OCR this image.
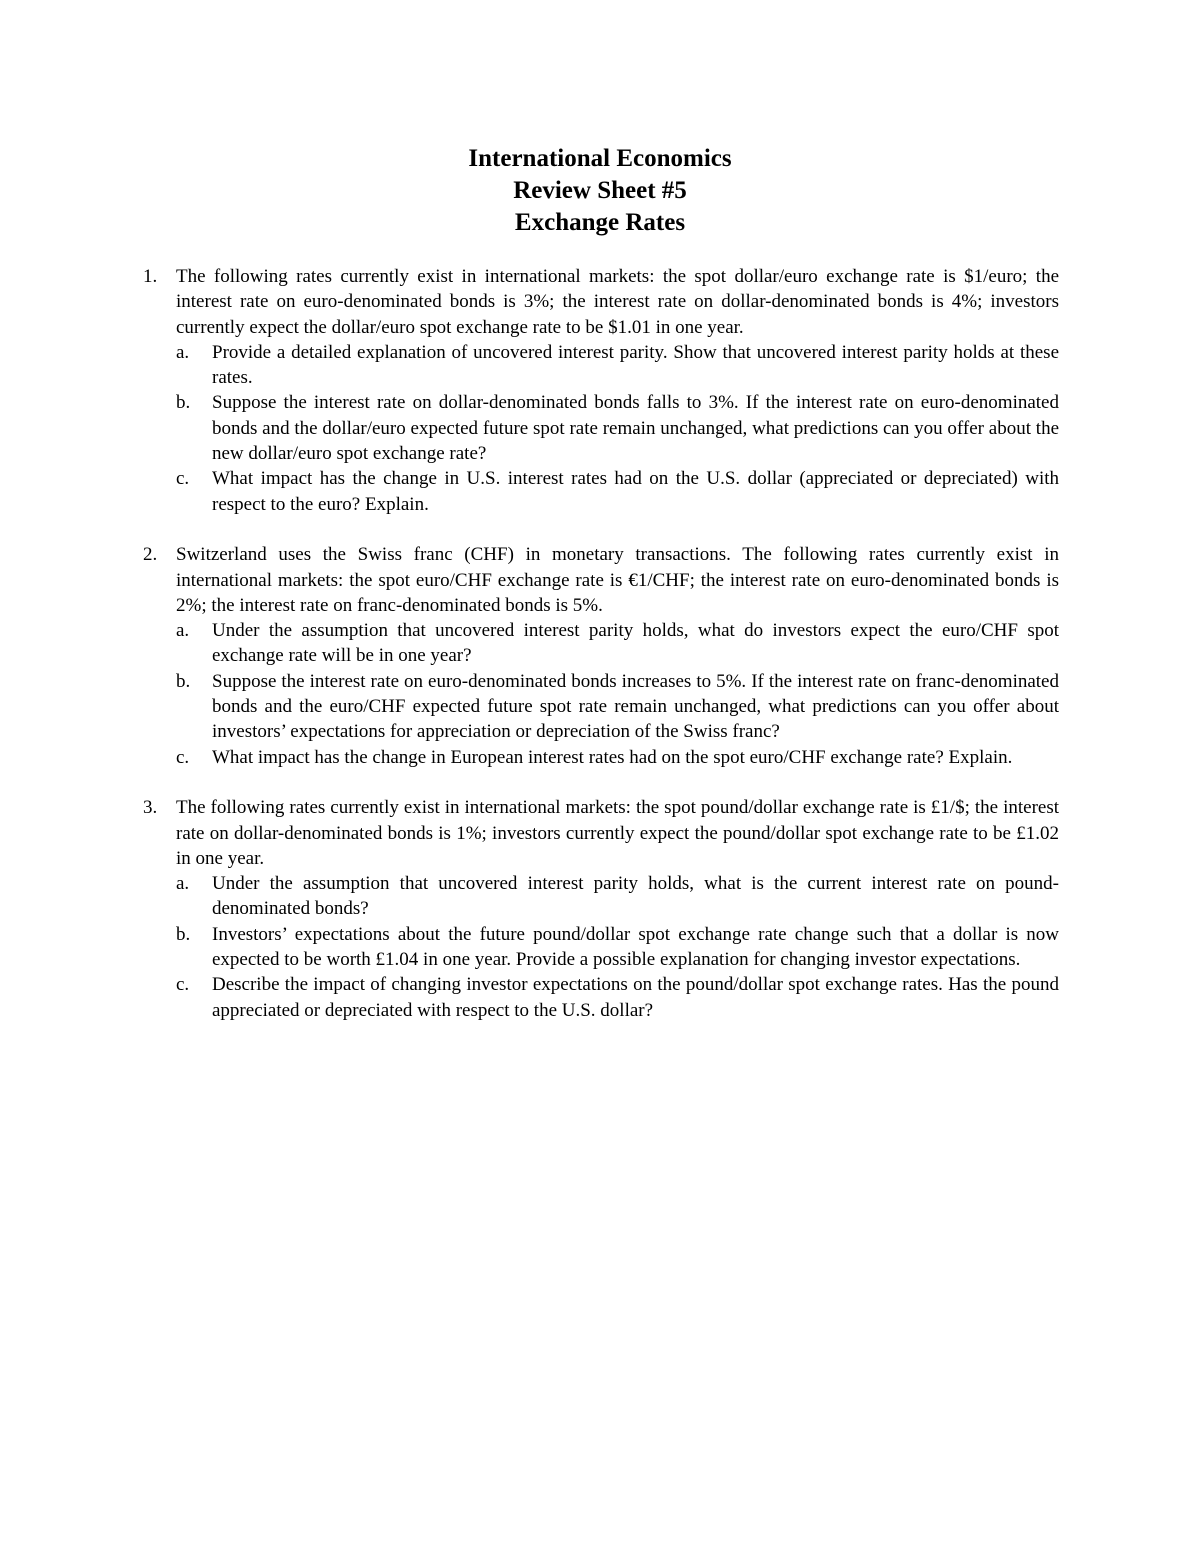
International Economics
Review Sheet #5
Exchange Rates
1. The following rates currently exist in international markets: the spot dollar/euro exchange rate is $1/euro; the interest rate on euro-denominated bonds is 3%; the interest rate on dollar-denominated bonds is 4%; investors currently expect the dollar/euro spot exchange rate to be $1.01 in one year.
a. Provide a detailed explanation of uncovered interest parity. Show that uncovered interest parity holds at these rates.
b. Suppose the interest rate on dollar-denominated bonds falls to 3%. If the interest rate on euro-denominated bonds and the dollar/euro expected future spot rate remain unchanged, what predictions can you offer about the new dollar/euro spot exchange rate?
c. What impact has the change in U.S. interest rates had on the U.S. dollar (appreciated or depreciated) with respect to the euro? Explain.
2. Switzerland uses the Swiss franc (CHF) in monetary transactions. The following rates currently exist in international markets: the spot euro/CHF exchange rate is €1/CHF; the interest rate on euro-denominated bonds is 2%; the interest rate on franc-denominated bonds is 5%.
a. Under the assumption that uncovered interest parity holds, what do investors expect the euro/CHF spot exchange rate will be in one year?
b. Suppose the interest rate on euro-denominated bonds increases to 5%. If the interest rate on franc-denominated bonds and the euro/CHF expected future spot rate remain unchanged, what predictions can you offer about investors’ expectations for appreciation or depreciation of the Swiss franc?
c. What impact has the change in European interest rates had on the spot euro/CHF exchange rate? Explain.
3. The following rates currently exist in international markets: the spot pound/dollar exchange rate is £1/$; the interest rate on dollar-denominated bonds is 1%; investors currently expect the pound/dollar spot exchange rate to be £1.02 in one year.
a. Under the assumption that uncovered interest parity holds, what is the current interest rate on pound-denominated bonds?
b. Investors’ expectations about the future pound/dollar spot exchange rate change such that a dollar is now expected to be worth £1.04 in one year. Provide a possible explanation for changing investor expectations.
c. Describe the impact of changing investor expectations on the pound/dollar spot exchange rates. Has the pound appreciated or depreciated with respect to the U.S. dollar?
